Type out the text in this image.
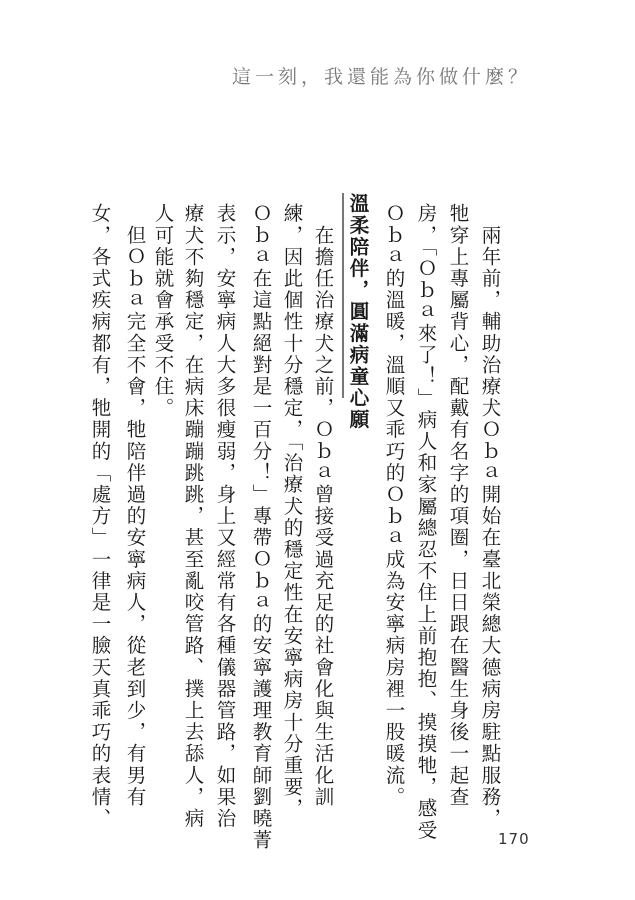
這一刻，我還能為你做什麼？
　兩年前，輔助治療犬Ｏｂａ開始在臺北榮總大德病房駐點服務，
牠穿上專屬背心，配戴有名字的項圈，日日跟在醫生身後一起查
房，「Ｏｂａ來了！」病人和家屬總忍不住上前抱抱、摸摸牠，感受
Ｏｂａ的溫暖，溫順又乖巧的Ｏｂａ成為安寧病房裡一股暖流。
溫柔陪伴，圓滿病童心願
　在擔任治療犬之前，Ｏｂａ曾接受過充足的社會化與生活化訓
練，因此個性十分穩定，「治療犬的穩定性在安寧病房十分重要，
Ｏｂａ在這點絕對是一百分！」專帶Ｏｂａ的安寧護理教育師劉曉菁
表示，安寧病人大多很瘦弱，身上又經常有各種儀器管路，如果治
療犬不夠穩定，在病床蹦蹦跳跳，甚至亂咬管路、撲上去舔人，病
人可能就會承受不住。
　但Ｏｂａ完全不會，牠陪伴過的安寧病人，從老到少，有男有
女，各式疾病都有，牠開的「處方」一律是一臉天真乖巧的表情、
170
